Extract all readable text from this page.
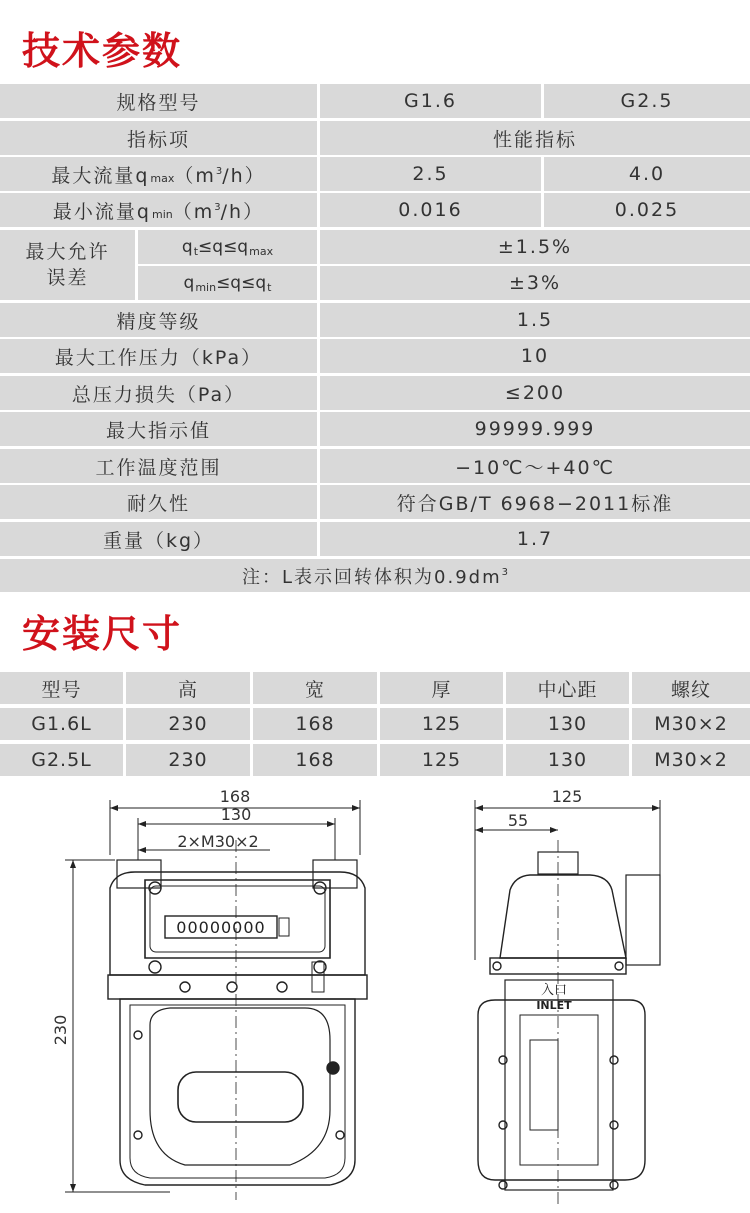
技术参数
规格型号	G1.6	G2.5
指标项	性能指标
最大流量$q_{max}$ （$m^3$ /h）	2.5	4.0
最小流量$q_{min}$ （$m^3$ /h）	0.016	0.025
最大允许
误差
$q_t \le q\le q_{max}$	±1.5%
$q_{min} \le q\le q_t$	±3%
精度等级	1.5
最大工作压力（kPa）	10
总压力损失（Pa）	≤200
最大指示值	99999.999
工作温度范围	−10℃～+40℃
耐久性	符合GB/T 6968−2011标准
重量（kg）	1.7
注：L表示回转体积为$0.9dm^3$
安装尺寸
型号	高	宽	厚	中心距	螺纹
G1.6L	230	168	125	130	M30×2
G2.5L	230	168	125	130	M30×2
168
130
2×M30×2
230
00000000
125
55
入口
INLET
